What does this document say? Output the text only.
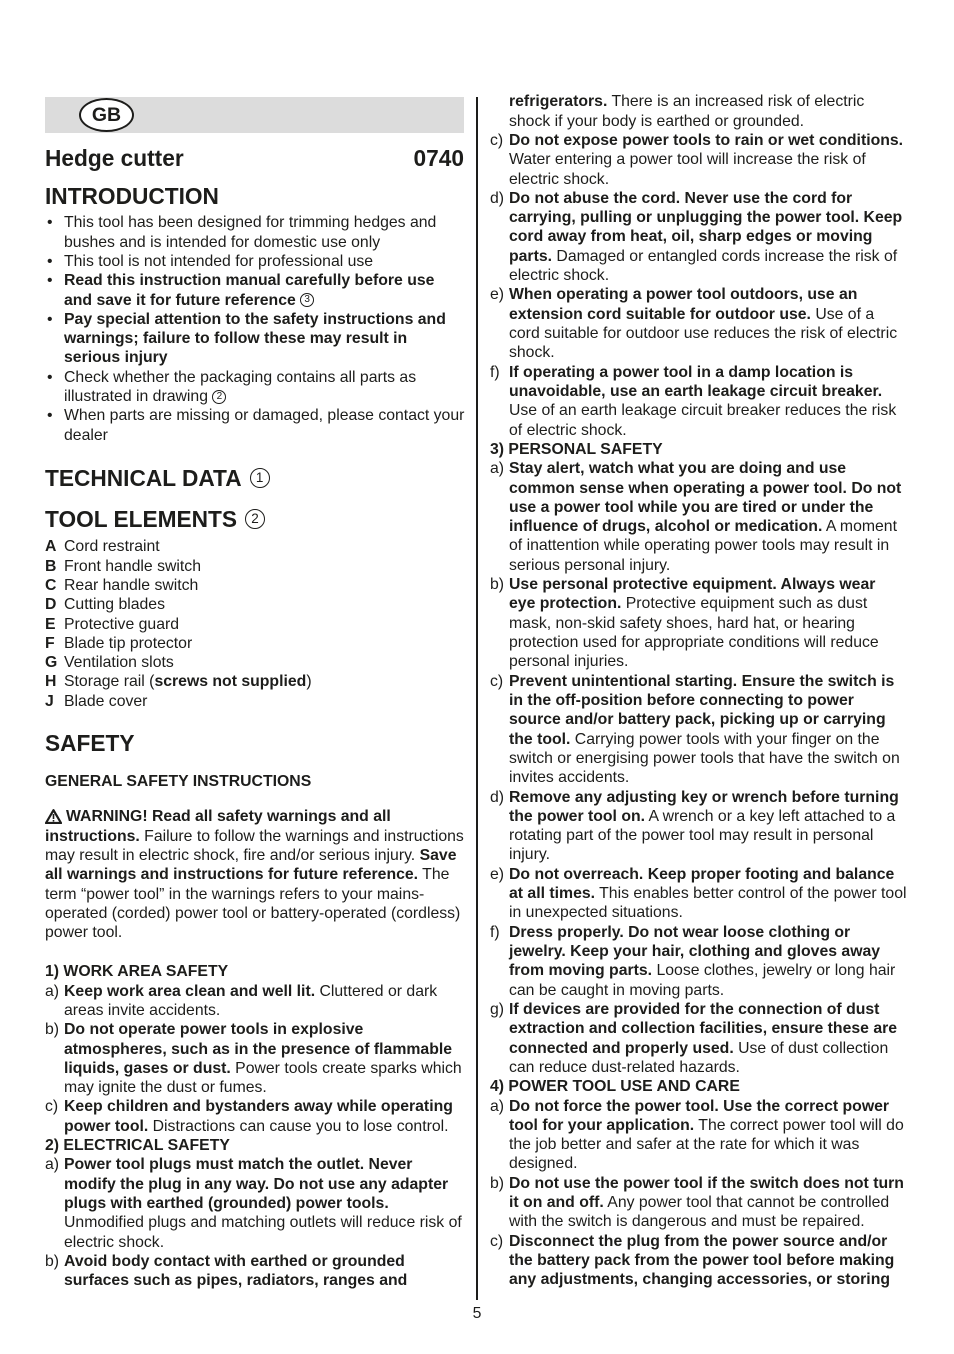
GB
Hedge cutter	0740
INTRODUCTION
• This tool has been designed for trimming hedges and
bushes and is intended for domestic use only
• This tool is not intended for professional use
• Read this instruction manual carefully before use
and save it for future reference 3
• Pay special attention to the safety instructions and
warnings; failure to follow these may result in
serious injury
• Check whether the packaging contains all parts as
illustrated in drawing 2
• When parts are missing or damaged, please contact your
dealer
TECHNICAL DATA	1
TOOL ELEMENTS	2
A Cord restraint
B Front handle switch
C Rear handle switch
D Cutting blades
E Protective guard
F Blade tip protector
G Ventilation slots
H Storage rail (screws not supplied)
J Blade cover
SAFETY
GENERAL SAFETY INSTRUCTIONS
WARNING! Read all safety warnings and all
instructions. Failure to follow the warnings and instructions
may result in electric shock, fire and/or serious injury. Save
all warnings and instructions for future reference. The
term “power tool” in the warnings refers to your mains-
operated (corded) power tool or battery-operated (cordless)
power tool.
1) WORK AREA SAFETY
a) Keep work area clean and well lit. Cluttered or dark
areas invite accidents.
b) Do not operate power tools in explosive
atmospheres, such as in the presence of flammable
liquids, gases or dust. Power tools create sparks which
may ignite the dust or fumes.
c) Keep children and bystanders away while operating
power tool. Distractions can cause you to lose control.
2) ELECTRICAL SAFETY
a) Power tool plugs must match the outlet. Never
modify the plug in any way. Do not use any adapter
plugs with earthed (grounded) power tools.
Unmodified plugs and matching outlets will reduce risk of
electric shock.
b) Avoid body contact with earthed or grounded
surfaces such as pipes, radiators, ranges and
refrigerators. There is an increased risk of electric
shock if your body is earthed or grounded.
c) Do not expose power tools to rain or wet conditions.
Water entering a power tool will increase the risk of
electric shock.
d) Do not abuse the cord. Never use the cord for
carrying, pulling or unplugging the power tool. Keep
cord away from heat, oil, sharp edges or moving
parts. Damaged or entangled cords increase the risk of
electric shock.
e) When operating a power tool outdoors, use an
extension cord suitable for outdoor use. Use of a
cord suitable for outdoor use reduces the risk of electric
shock.
f) If operating a power tool in a damp location is
unavoidable, use an earth leakage circuit breaker.
Use of an earth leakage circuit breaker reduces the risk
of electric shock.
3) PERSONAL SAFETY
a) Stay alert, watch what you are doing and use
common sense when operating a power tool. Do not
use a power tool while you are tired or under the
influence of drugs, alcohol or medication. A moment
of inattention while operating power tools may result in
serious personal injury.
b) Use personal protective equipment. Always wear
eye protection. Protective equipment such as dust
mask, non-skid safety shoes, hard hat, or hearing
protection used for appropriate conditions will reduce
personal injuries.
c) Prevent unintentional starting. Ensure the switch is
in the off-position before connecting to power
source and/or battery pack, picking up or carrying
the tool. Carrying power tools with your finger on the
switch or energising power tools that have the switch on
invites accidents.
d) Remove any adjusting key or wrench before turning
the power tool on. A wrench or a key left attached to a
rotating part of the power tool may result in personal
injury.
e) Do not overreach. Keep proper footing and balance
at all times. This enables better control of the power tool
in unexpected situations.
f) Dress properly. Do not wear loose clothing or
jewelry. Keep your hair, clothing and gloves away
from moving parts. Loose clothes, jewelry or long hair
can be caught in moving parts.
g) If devices are provided for the connection of dust
extraction and collection facilities, ensure these are
connected and properly used. Use of dust collection
can reduce dust-related hazards.
4) POWER TOOL USE AND CARE
a) Do not force the power tool. Use the correct power
tool for your application. The correct power tool will do
the job better and safer at the rate for which it was
designed.
b) Do not use the power tool if the switch does not turn
it on and off. Any power tool that cannot be controlled
with the switch is dangerous and must be repaired.
c) Disconnect the plug from the power source and/or
the battery pack from the power tool before making
any adjustments, changing accessories, or storing
5
